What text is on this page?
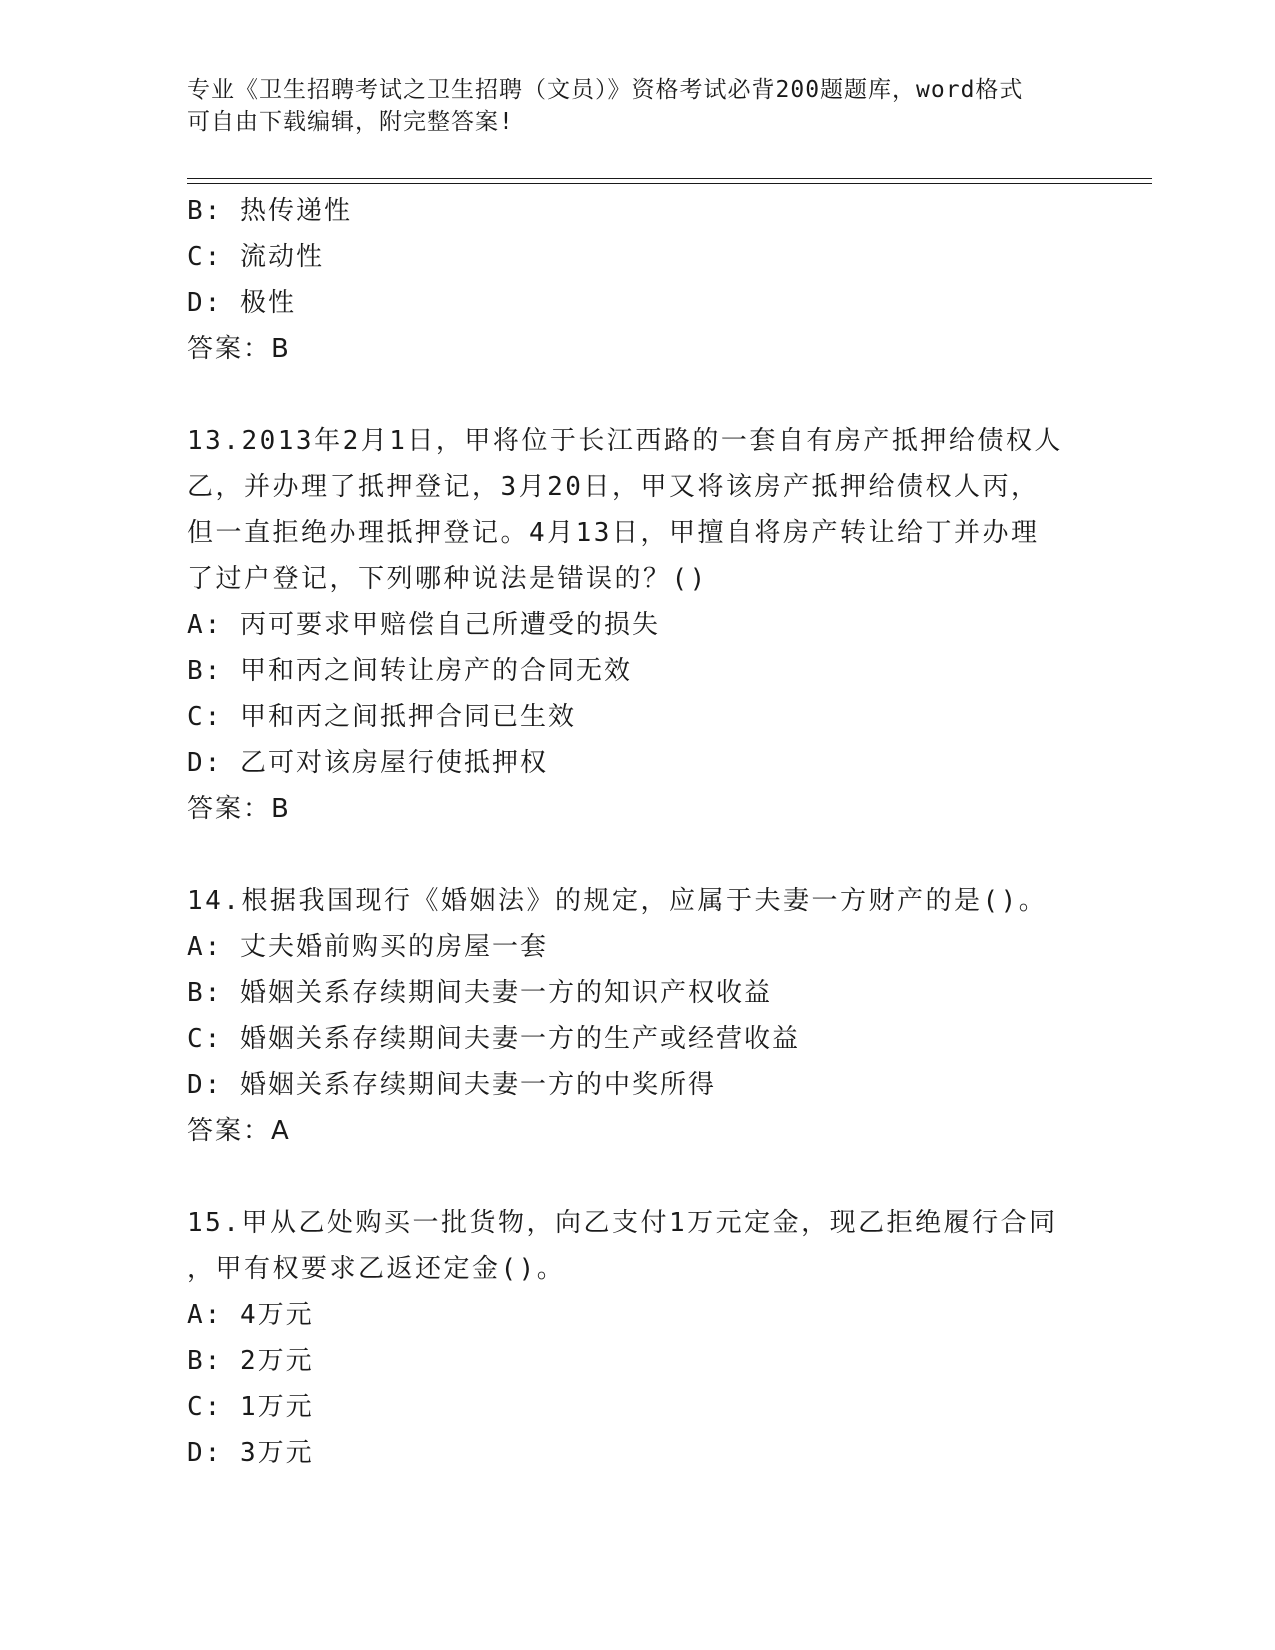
专业《卫生招聘考试之卫生招聘（文员）》资格考试必背200题题库，word格式
可自由下载编辑，附完整答案!
B: 热传递性
C: 流动性
D: 极性
答案：B
13.2013年2月1日，甲将位于长江西路的一套自有房产抵押给债权人
乙，并办理了抵押登记，3月20日，甲又将该房产抵押给债权人丙，
但一直拒绝办理抵押登记。4月13日，甲擅自将房产转让给丁并办理
了过户登记，下列哪种说法是错误的？()
A: 丙可要求甲赔偿自己所遭受的损失
B: 甲和丙之间转让房产的合同无效
C: 甲和丙之间抵押合同已生效
D: 乙可对该房屋行使抵押权
答案：B
14.根据我国现行《婚姻法》的规定，应属于夫妻一方财产的是()。
A: 丈夫婚前购买的房屋一套
B: 婚姻关系存续期间夫妻一方的知识产权收益
C: 婚姻关系存续期间夫妻一方的生产或经营收益
D: 婚姻关系存续期间夫妻一方的中奖所得
答案：A
15.甲从乙处购买一批货物，向乙支付1万元定金，现乙拒绝履行合同
，甲有权要求乙返还定金()。
A: 4万元
B: 2万元
C: 1万元
D: 3万元
